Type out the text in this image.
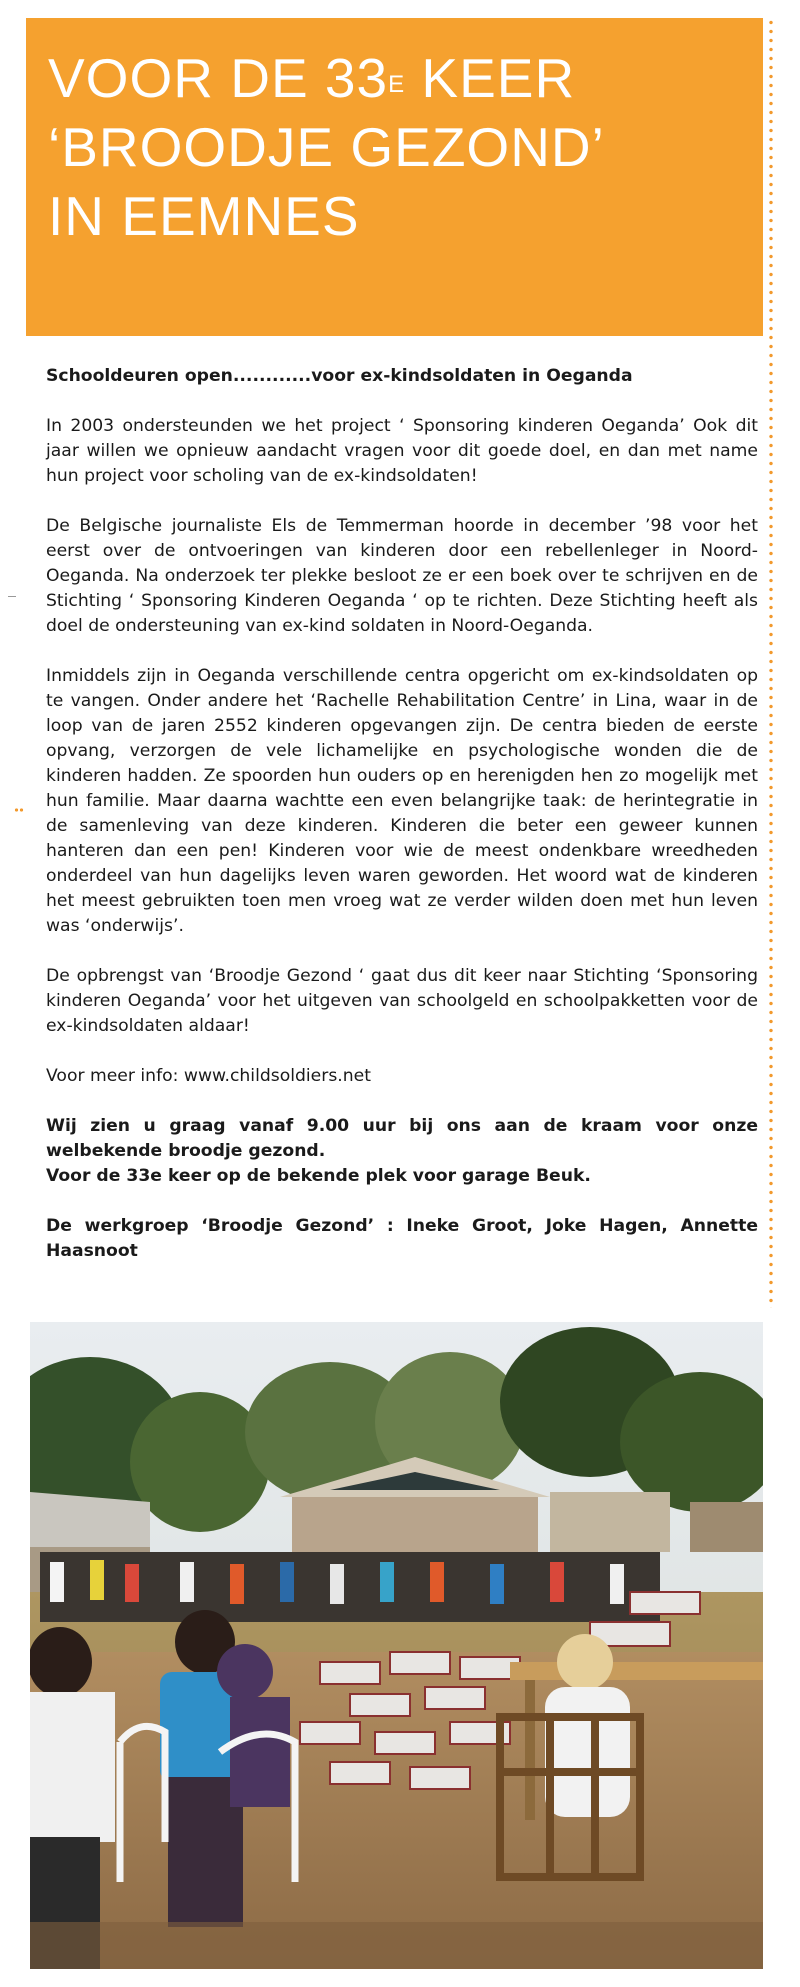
VOOR DE $33^E$ KEER
‘BROODJE GEZOND’
IN EEMNES

Schooldeuren open............voor ex-kindsoldaten in Oeganda

In 2003 ondersteunden we het project ‘ Sponsoring kinderen Oeganda’ Ook dit jaar willen we opnieuw aandacht vragen voor dit goede doel, en dan met name hun project voor scholing van de ex-kindsoldaten!

De Belgische journaliste Els de Temmerman hoorde in december ’98 voor het eerst over de ontvoeringen van kinderen door een rebellenleger in Noord-Oeganda. Na onderzoek ter plekke besloot ze er een boek over te schrijven en de Stichting ‘ Sponsoring Kinderen Oeganda ‘ op te richten. Deze Stichting heeft als doel de ondersteuning van ex-kind soldaten in Noord-Oeganda.

Inmiddels zijn in Oeganda verschillende centra opgericht om ex-kindsoldaten op te vangen. Onder andere het ‘Rachelle Rehabilitation Centre’ in Lina, waar in de loop van de jaren 2552 kinderen opgevangen zijn. De centra bieden de eerste opvang, verzorgen de vele lichamelijke en psychologische wonden die de kinderen hadden. Ze spoorden hun ouders op en herenigden hen zo mogelijk met hun familie. Maar daarna wachtte een even belangrijke taak: de herintegratie in de samenleving van deze kinderen. Kinderen die beter een geweer kunnen hanteren dan een pen! Kinderen voor wie de meest ondenkbare wreedheden onderdeel van hun dagelijks leven waren geworden. Het woord wat de kinderen het meest gebruikten toen men vroeg wat ze verder wilden doen met hun leven was ‘onderwijs’.

De opbrengst van ‘Broodje Gezond ‘ gaat dus dit keer naar Stichting ‘Sponsoring kinderen Oeganda’ voor het uitgeven van schoolgeld en schoolpakketten voor de ex-kindsoldaten aldaar!

Voor meer info: www.childsoldiers.net

Wij zien u graag vanaf 9.00 uur bij ons aan de kraam voor onze welbekende broodje gezond.
Voor de 33e keer op de bekende plek voor garage Beuk.

De werkgroep ‘Broodje Gezond’ : Ineke Groot, Joke Hagen, Annette Haasnoot
